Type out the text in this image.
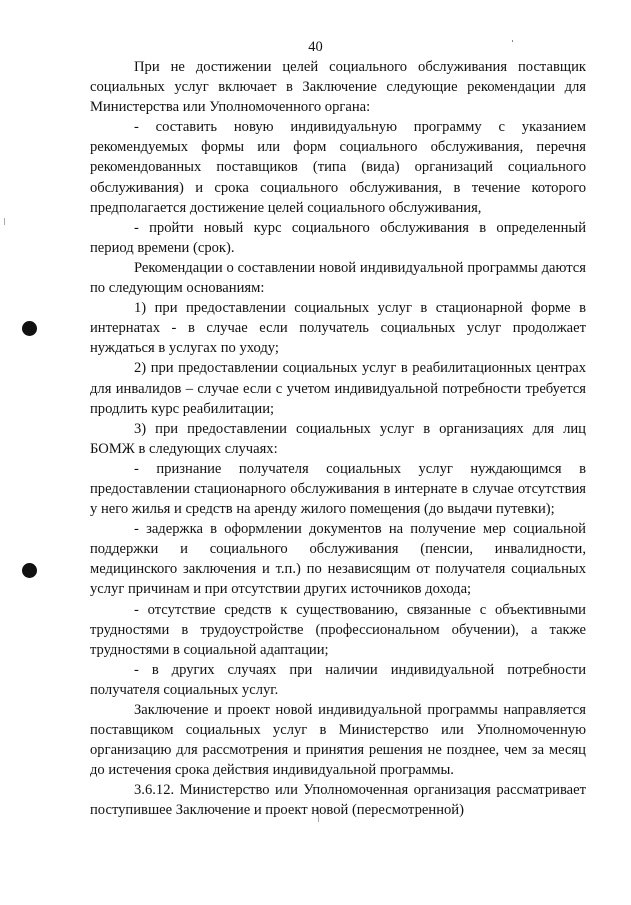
40

При не достижении целей социального обслуживания поставщик социальных услуг включает в Заключение следующие рекомендации для Министерства или Уполномоченного органа:

- составить новую индивидуальную программу с указанием рекомендуемых формы или форм социального обслуживания, перечня рекомендованных поставщиков (типа (вида) организаций социального обслуживания) и срока социального обслуживания, в течение которого предполагается достижение целей социального обслуживания,

- пройти новый курс социального обслуживания в определенный период времени (срок).

Рекомендации о составлении новой индивидуальной программы даются по следующим основаниям:

1) при предоставлении социальных услуг в стационарной форме в интернатах - в случае если получатель социальных услуг продолжает нуждаться в услугах по уходу;

2) при предоставлении социальных услуг в реабилитационных центрах для инвалидов – случае если с учетом индивидуальной потребности требуется продлить курс реабилитации;

3) при предоставлении социальных услуг в организациях для лиц БОМЖ в следующих случаях:

- признание получателя социальных услуг нуждающимся в предоставлении стационарного обслуживания в интернате в случае отсутствия у него жилья и средств на аренду жилого помещения (до выдачи путевки);

- задержка в оформлении документов на получение мер социальной поддержки и социального обслуживания (пенсии, инвалидности, медицинского заключения и т.п.) по независящим от получателя социальных услуг причинам и при отсутствии других источников дохода;

- отсутствие средств к существованию, связанные с объективными трудностями в трудоустройстве (профессиональном обучении), а также трудностями в социальной адаптации;

- в других случаях при наличии индивидуальной потребности получателя социальных услуг.

Заключение и проект новой индивидуальной программы направляется поставщиком социальных услуг в Министерство или Уполномоченную организацию для рассмотрения и принятия решения не позднее, чем за месяц до истечения срока действия индивидуальной программы.

3.6.12. Министерство или Уполномоченная организация рассматривает поступившее Заключение и проект новой (пересмотренной)
